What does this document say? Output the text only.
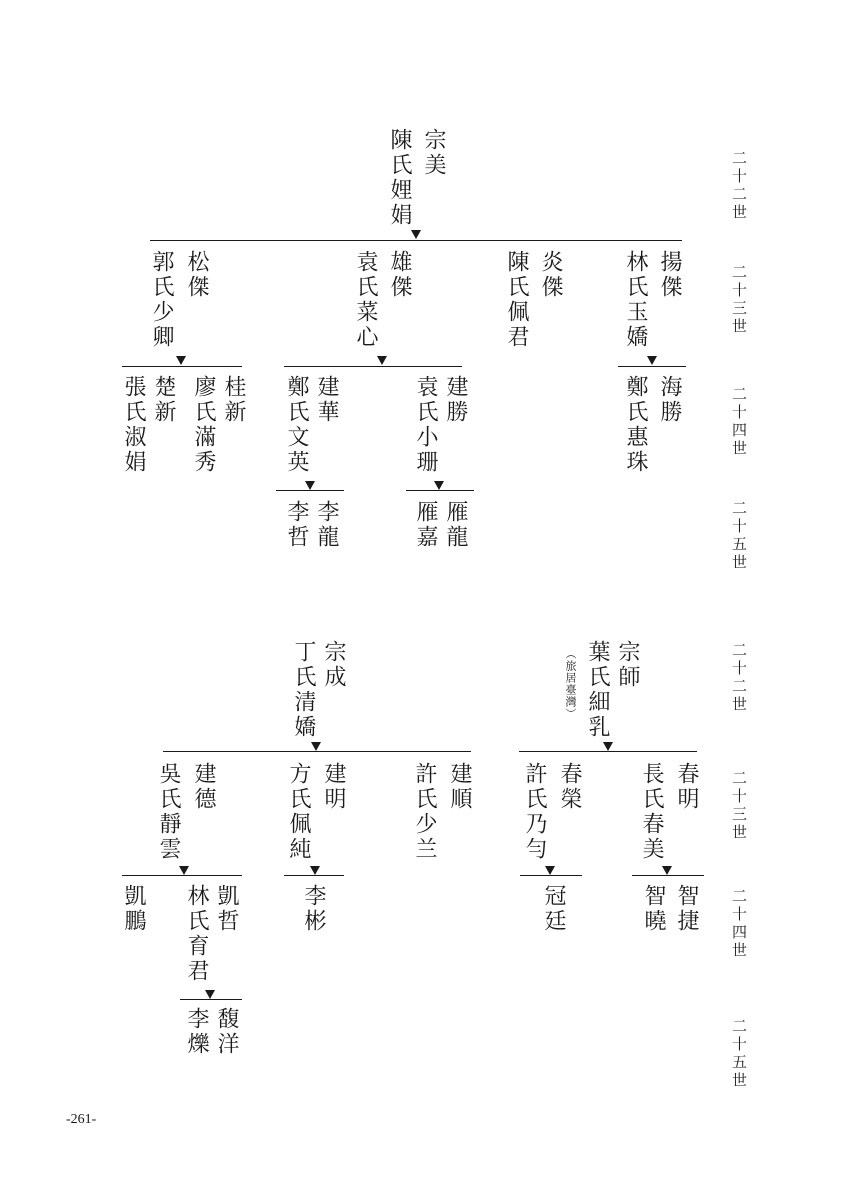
二十二世
二十三世
二十四世
二十五世
二十二世
二十三世
二十四世
二十五世
宗美
陳氏娌娟
松傑
郭氏少卿	雄傑
袁氏菜心	炎傑
陳氏佩君	揚傑
林氏玉嬌
桂新
廖氏滿秀
楚新
張氏淑娟	建華
鄭氏文英	建勝
袁氏小珊	海勝
鄭氏惠珠
李龍
李哲	雁龍
雁嘉
宗成
丁氏清嬌
建德
吳氏靜雲	建明
方氏佩純	建順
許氏少兰
凱哲
林氏育君
凱鵬	李彬
馥洋
李爍
宗師
葉氏細乳
（旅居臺灣）
春榮
許氏乃勻	春明
長氏春美
冠廷	智捷
智曉
-261-
